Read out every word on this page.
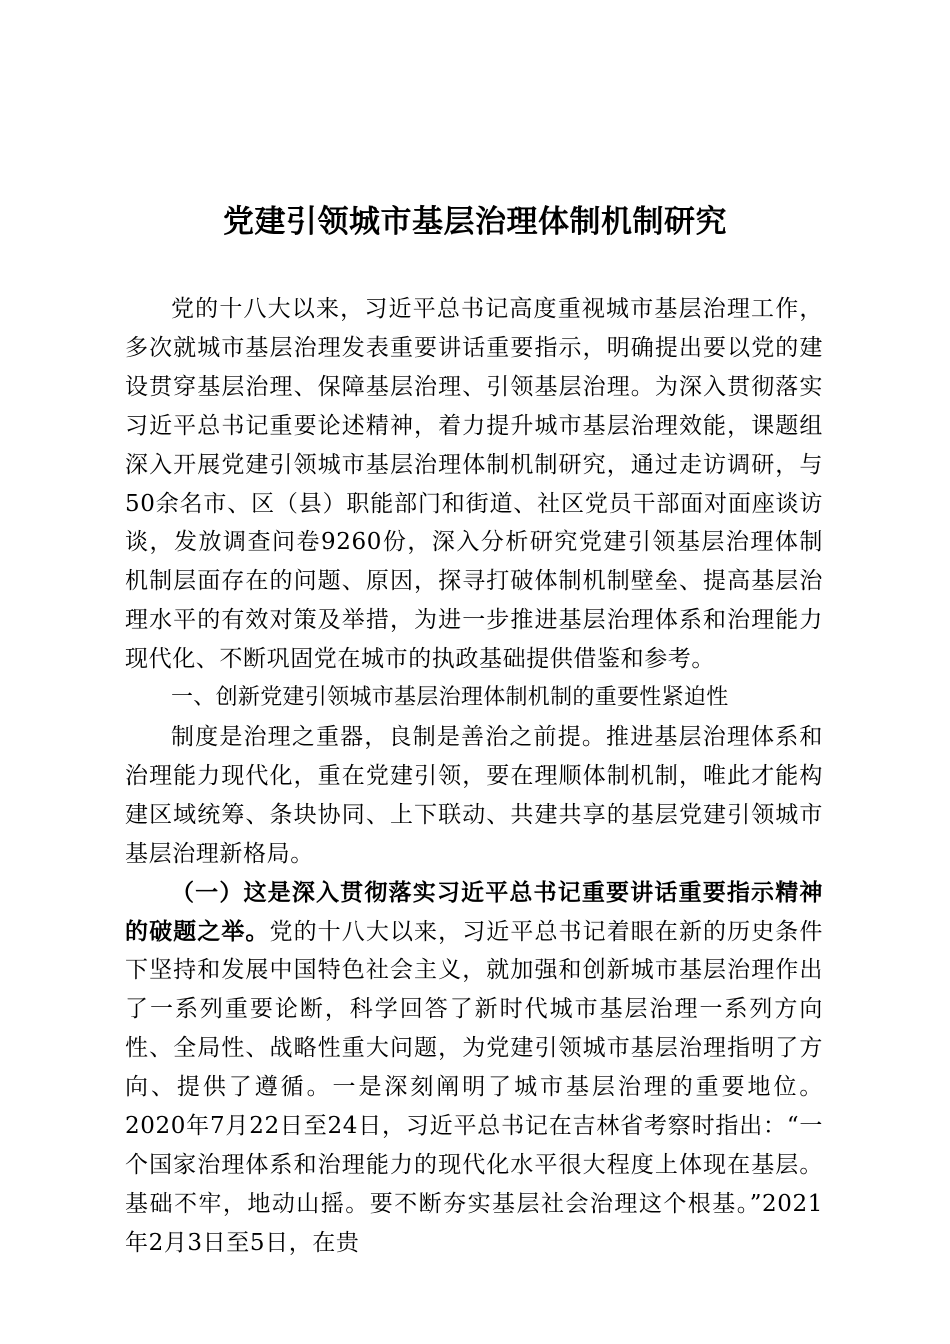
党建引领城市基层治理体制机制研究

党的十八大以来，习近平总书记高度重视城市基层治理工作，多次就城市基层治理发表重要讲话重要指示，明确提出要以党的建设贯穿基层治理、保障基层治理、引领基层治理。为深入贯彻落实习近平总书记重要论述精神，着力提升城市基层治理效能，课题组深入开展党建引领城市基层治理体制机制研究，通过走访调研，与50余名市、区（县）职能部门和街道、社区党员干部面对面座谈访谈，发放调查问卷9260份，深入分析研究党建引领基层治理体制机制层面存在的问题、原因，探寻打破体制机制壁垒、提高基层治理水平的有效对策及举措，为进一步推进基层治理体系和治理能力现代化、不断巩固党在城市的执政基础提供借鉴和参考。

一、创新党建引领城市基层治理体制机制的重要性紧迫性

制度是治理之重器，良制是善治之前提。推进基层治理体系和治理能力现代化，重在党建引领，要在理顺体制机制，唯此才能构建区域统筹、条块协同、上下联动、共建共享的基层党建引领城市基层治理新格局。

（一）这是深入贯彻落实习近平总书记重要讲话重要指示精神的破题之举。党的十八大以来，习近平总书记着眼在新的历史条件下坚持和发展中国特色社会主义，就加强和创新城市基层治理作出了一系列重要论断，科学回答了新时代城市基层治理一系列方向性、全局性、战略性重大问题，为党建引领城市基层治理指明了方向、提供了遵循。一是深刻阐明了城市基层治理的重要地位。2020年7月22日至24日，习近平总书记在吉林省考察时指出：“一个国家治理体系和治理能力的现代化水平很大程度上体现在基层。基础不牢，地动山摇。要不断夯实基层社会治理这个根基。”2021年2月3日至5日，在贵
